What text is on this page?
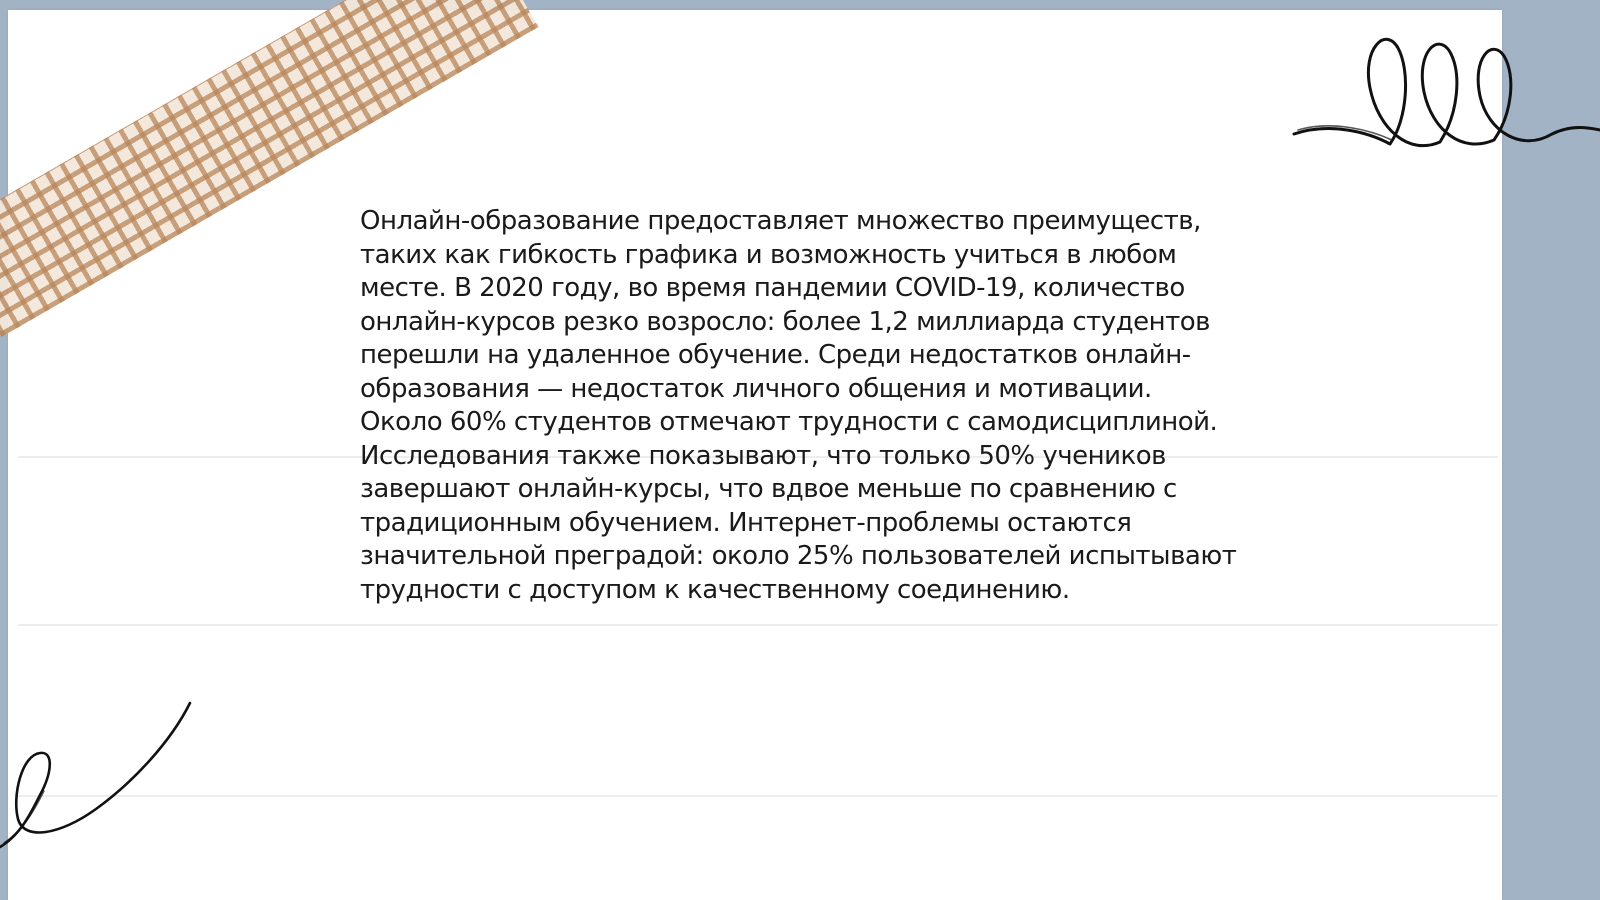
Онлайн-образование предоставляет множество преимуществ, таких как гибкость графика и возможность учиться в любом месте. В 2020 году, во время пандемии COVID-19, количество онлайн-курсов резко возросло: более 1,2 миллиарда студентов перешли на удаленное обучение. Среди недостатков онлайн-образования — недостаток личного общения и мотивации. Около 60% студентов отмечают трудности с самодисциплиной. Исследования также показывают, что только 50% учеников завершают онлайн-курсы, что вдвое меньше по сравнению с традиционным обучением. Интернет-проблемы остаются значительной преградой: около 25% пользователей испытывают трудности с доступом к качественному соединению.
